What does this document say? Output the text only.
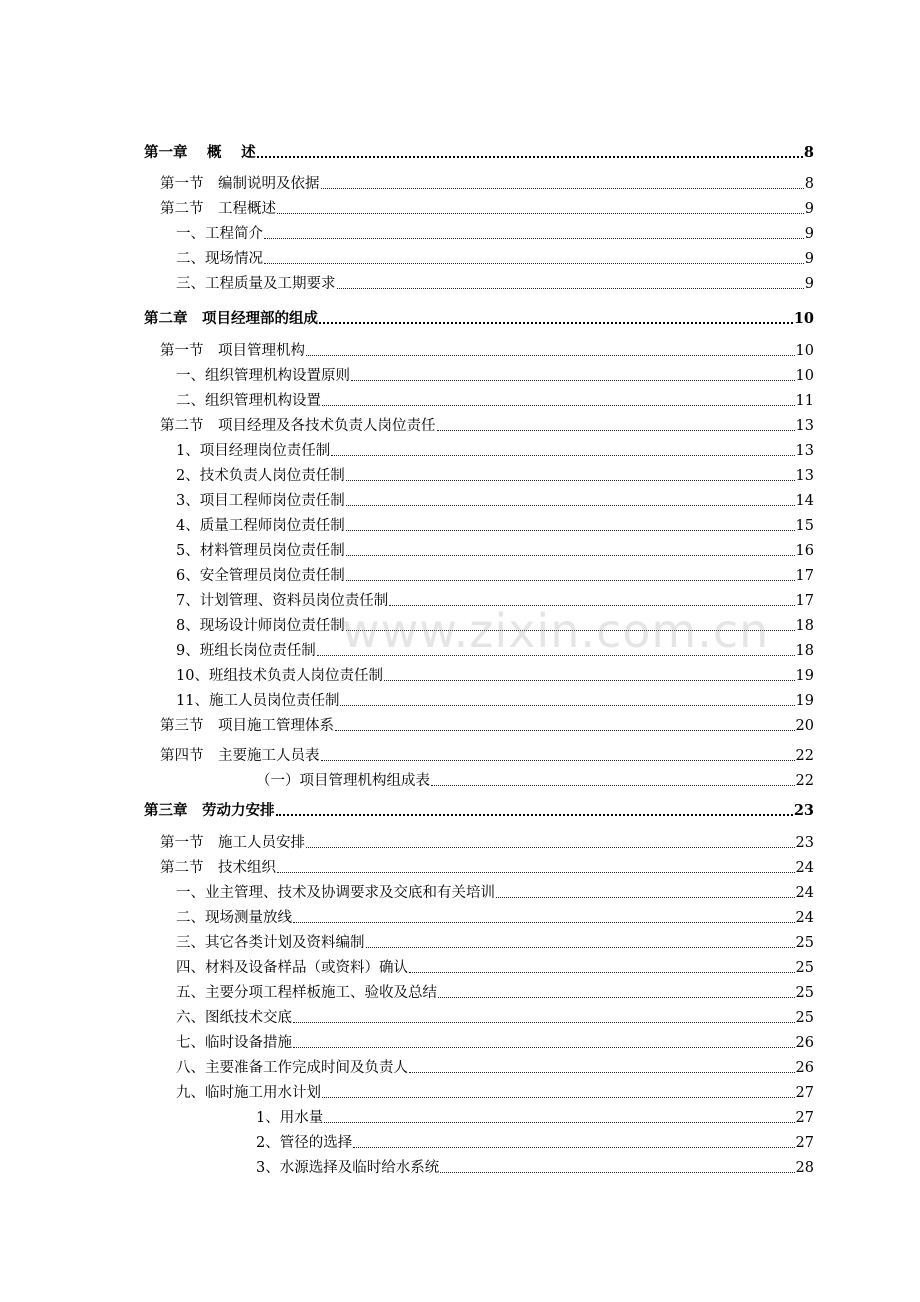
第一章　 概　 述	8
第一节　编制说明及依据	8
第二节　工程概述	9
一、工程简介	9
二、现场情况	9
三、工程质量及工期要求	9
第二章　项目经理部的组成	10
第一节　项目管理机构	10
一、组织管理机构设置原则	10
二、组织管理机构设置	11
第二节　项目经理及各技术负责人岗位责任	13
1、项目经理岗位责任制	13
2、技术负责人岗位责任制	13
3、项目工程师岗位责任制	14
4、质量工程师岗位责任制	15
5、材料管理员岗位责任制	16
6、安全管理员岗位责任制	17
7、计划管理、资料员岗位责任制	17
8、现场设计师岗位责任制	18
9、班组长岗位责任制	18
10、班组技术负责人岗位责任制	19
11、施工人员岗位责任制	19
第三节　项目施工管理体系	20
第四节　主要施工人员表	22
（一）项目管理机构组成表	22
第三章　劳动力安排	23
第一节　施工人员安排	23
第二节　技术组织	24
一、业主管理、技术及协调要求及交底和有关培训	24
二、现场测量放线	24
三、其它各类计划及资料编制	25
四、材料及设备样品（或资料）确认	25
五、主要分项工程样板施工、验收及总结	25
六、图纸技术交底	25
七、临时设备措施	26
八、主要准备工作完成时间及负责人	26
九、临时施工用水计划	27
1、用水量	27
2、管径的选择	27
3、水源选择及临时给水系统	28
www.zixin.com.cn
